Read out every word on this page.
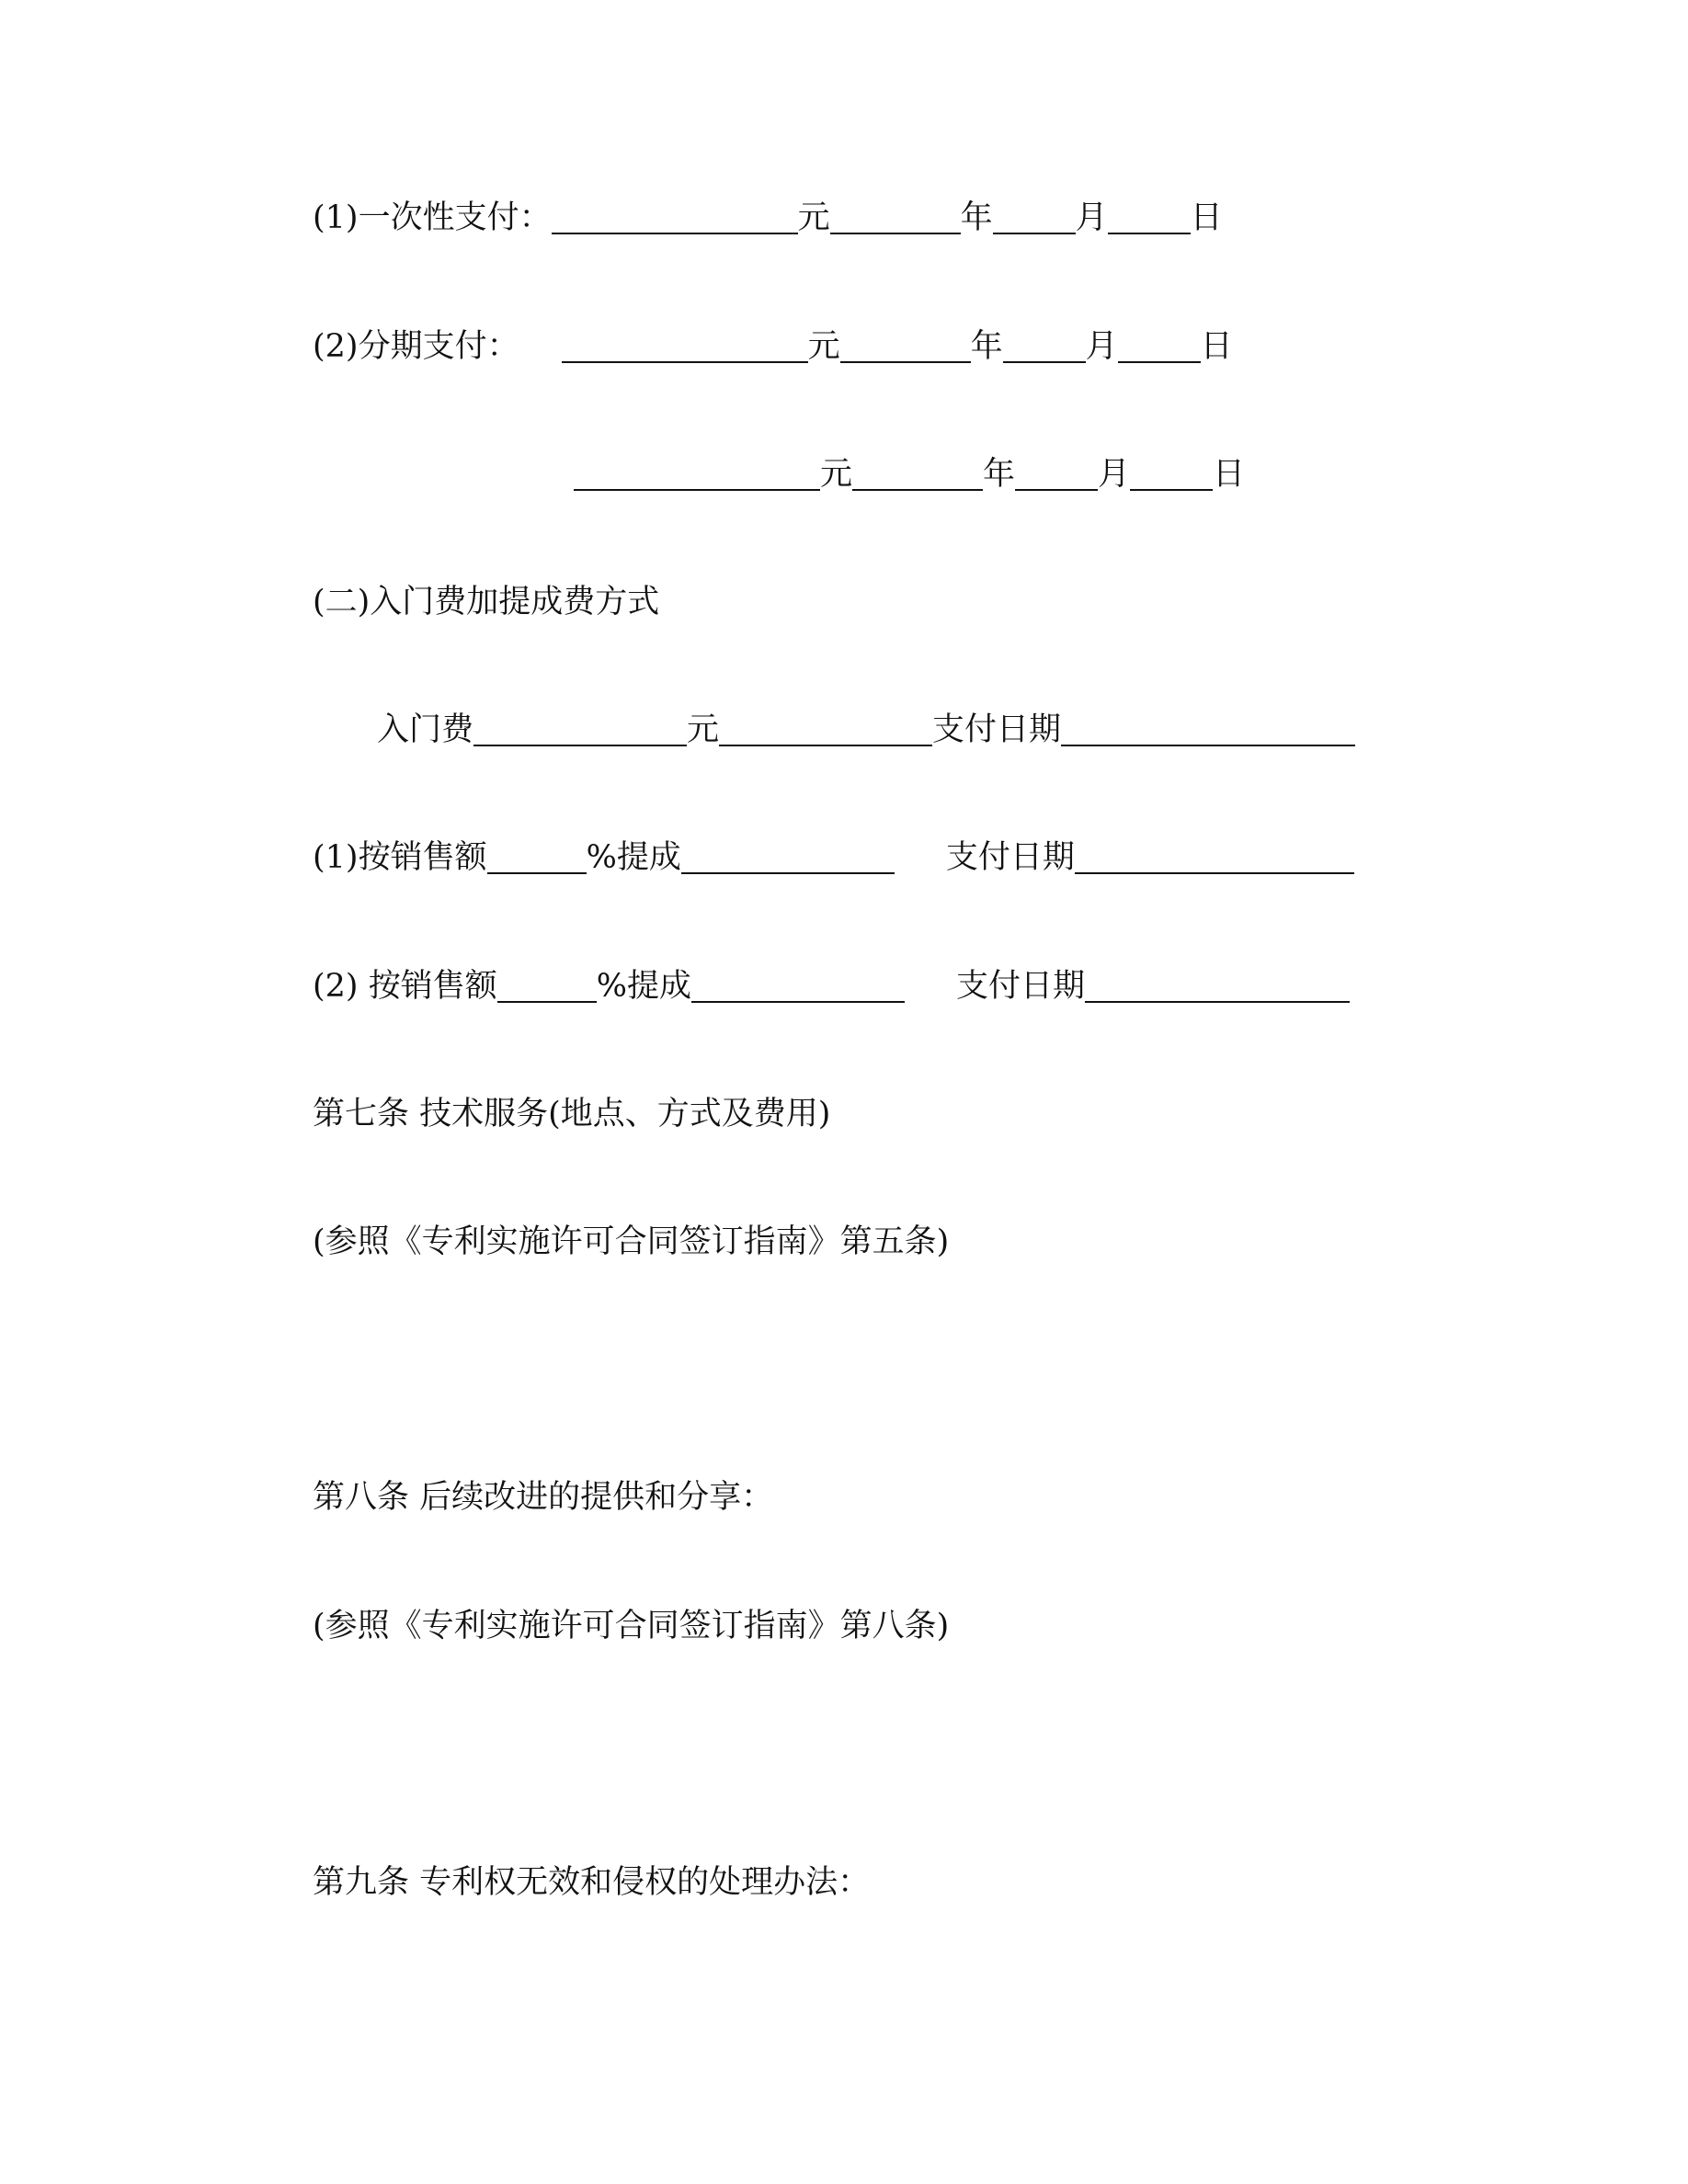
(1)一次性支付：	元	年	月	日
(2)分期支付：	元	年	月	日
元	年	月	日
(二)入门费加提成费方式
入门费	元	支付日期
(1)按销售额	%提成	支付日期
(2) 按销售额	%提成	支付日期
第七条 技术服务(地点、方式及费用)
(参照《专利实施许可合同签订指南》第五条)
第八条 后续改进的提供和分享：
(参照《专利实施许可合同签订指南》第八条)
第九条 专利权无效和侵权的处理办法：
